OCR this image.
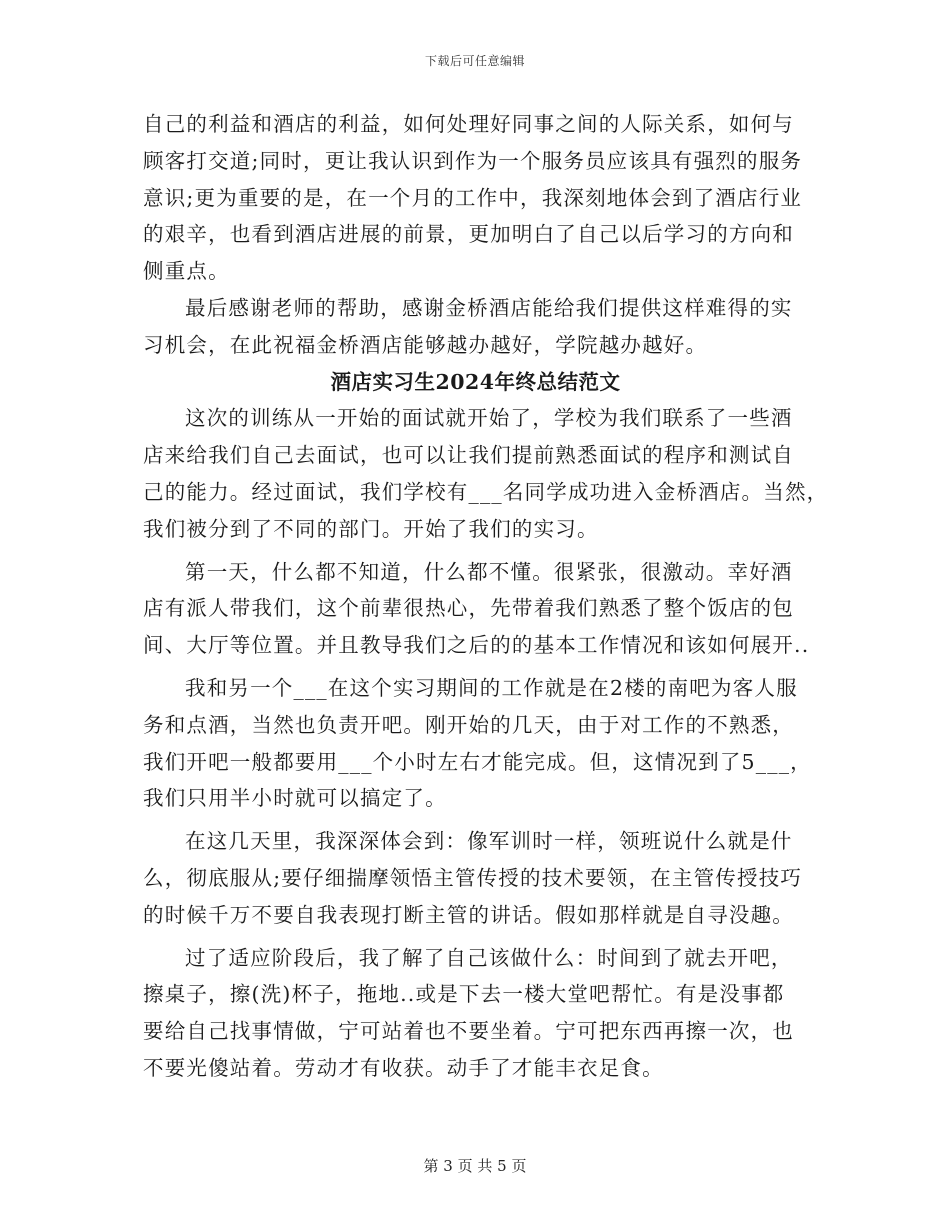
下载后可任意编辑
自己的利益和酒店的利益，如何处理好同事之间的人际关系，如何与
顾客打交道;同时，更让我认识到作为一个服务员应该具有强烈的服务
意识;更为重要的是，在一个月的工作中，我深刻地体会到了酒店行业
的艰辛，也看到酒店进展的前景，更加明白了自己以后学习的方向和
侧重点。
最后感谢老师的帮助，感谢金桥酒店能给我们提供这样难得的实
习机会，在此祝福金桥酒店能够越办越好，学院越办越好。
酒店实习生2024年终总结范文
这次的训练从一开始的面试就开始了，学校为我们联系了一些酒
店来给我们自己去面试，也可以让我们提前熟悉面试的程序和测试自
己的能力。经过面试，我们学校有___名同学成功进入金桥酒店。当然，
我们被分到了不同的部门。开始了我们的实习。
第一天，什么都不知道，什么都不懂。很紧张，很激动。幸好酒
店有派人带我们，这个前辈很热心，先带着我们熟悉了整个饭店的包
间、大厅等位置。并且教导我们之后的的基本工作情况和该如何展开..
我和另一个___在这个实习期间的工作就是在2楼的南吧为客人服
务和点酒，当然也负责开吧。刚开始的几天，由于对工作的不熟悉，
我们开吧一般都要用___个小时左右才能完成。但，这情况到了5___，
我们只用半小时就可以搞定了。
在这几天里，我深深体会到：像军训时一样，领班说什么就是什
么，彻底服从;要仔细揣摩领悟主管传授的技术要领，在主管传授技巧
的时候千万不要自我表现打断主管的讲话。假如那样就是自寻没趣。
过了适应阶段后，我了解了自己该做什么：时间到了就去开吧，
擦桌子，擦(洗)杯子，拖地..或是下去一楼大堂吧帮忙。有是没事都
要给自己找事情做，宁可站着也不要坐着。宁可把东西再擦一次，也
不要光傻站着。劳动才有收获。动手了才能丰衣足食。
第 3 页 共 5 页
